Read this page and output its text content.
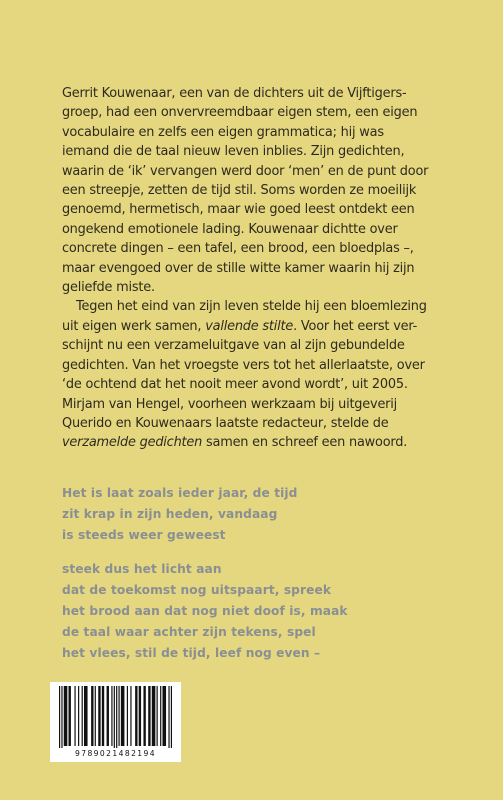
Gerrit Kouwenaar, een van de dichters uit de Vijftigers-
groep, had een onvervreemdbaar eigen stem, een eigen
vocabulaire en zelfs een eigen grammatica; hij was
iemand die de taal nieuw leven inblies. Zijn gedichten,
waarin de ‘ik’ vervangen werd door ‘men’ en de punt door
een streepje, zetten de tijd stil. Soms worden ze moeilijk
genoemd, hermetisch, maar wie goed leest ontdekt een
ongekend emotionele lading. Kouwenaar dichtte over
concrete dingen – een tafel, een brood, een bloedplas –,
maar evengoed over de stille witte kamer waarin hij zijn
geliefde miste.
Tegen het eind van zijn leven stelde hij een bloemlezing
uit eigen werk samen, vallende stilte. Voor het eerst ver-
schijnt nu een verzameluitgave van al zijn gebundelde
gedichten. Van het vroegste vers tot het allerlaatste, over
‘de ochtend dat het nooit meer avond wordt’, uit 2005.
Mirjam van Hengel, voorheen werkzaam bij uitgeverij
Querido en Kouwenaars laatste redacteur, stelde de
verzamelde gedichten samen en schreef een nawoord.
Het is laat zoals ieder jaar, de tijd
zit krap in zijn heden, vandaag
is steeds weer geweest
steek dus het licht aan
dat de toekomst nog uitspaart, spreek
het brood aan dat nog niet doof is, maak
de taal waar achter zijn tekens, spel
het vlees, stil de tijd, leef nog even –
9789021482194
